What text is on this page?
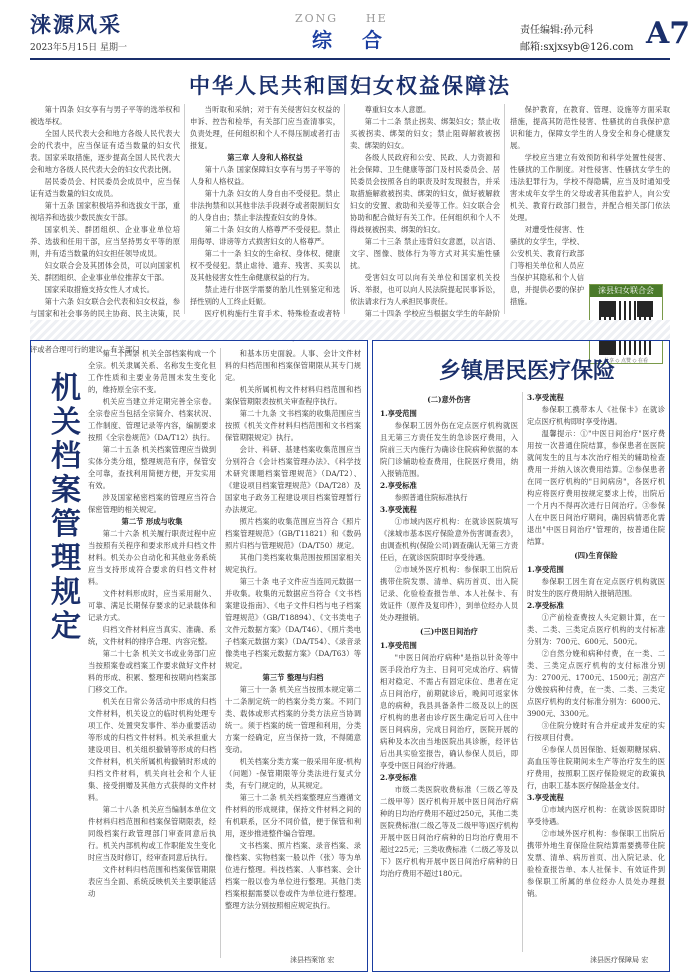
涞源风采
2023年5月15日 星期一
ZONG	HE
综合	责任编辑:孙元科
邮箱:sxjxsyb@126.com A7
中华人民共和国妇女权益保障法

第十四条 妇女享有与男子平等的选举权和被选举权。

全国人民代表大会和地方各级人民代表大会的代表中，应当保证有适当数量的妇女代表。国家采取措施，逐步提高全国人民代表大会和地方各级人民代表大会的妇女代表比例。

居民委员会、村民委员会成员中，应当保证有适当数量的妇女成员。

第十五条 国家积极培养和选拔女干部，重视培养和选拔少数民族女干部。

国家机关、群团组织、企业事业单位培养、选拔和任用干部，应当坚持男女平等的原则，并有适当数量的妇女担任领导成员。

妇女联合会及其团体会员，可以向国家机关、群团组织、企业事业单位推荐女干部。

国家采取措施支持女性人才成长。

第十六条 妇女联合会代表和妇女权益，参与国家和社会事务的民主协商、民主决策，民

评或者合理可行的建议，有关部门

当听取和采纳；对于有关侵害妇女权益的申诉、控告和检举，有关部门应当查清事实，负责处理，任何组织和个人不得压制或者打击报复。

第三章 人身和人格权益

第十八条 国家保障妇女享有与男子平等的人身和人格权益。

第十九条 妇女的人身自由不受侵犯。禁止非法拘禁和以其他非法手段剥夺或者限制妇女的人身自由；禁止非法搜查妇女的身体。

第二十条 妇女的人格尊严不受侵犯。禁止用侮辱、诽谤等方式损害妇女的人格尊严。

第二十一条 妇女的生命权、身体权、健康权不受侵犯。禁止虐待、遗弃、残害、买卖以及其他侵害女性生命健康权益的行为。

禁止进行非医学需要的胎儿性别鉴定和选择性别的人工终止妊娠。

医疗机构施行生育手术、特殊检查或者特

尊重妇女本人意愿。

第二十二条 禁止拐卖、绑架妇女；禁止收买被拐卖、绑架的妇女；禁止阻碍解救被拐卖、绑架的妇女。

各级人民政府和公安、民政、人力资源和社会保障、卫生健康等部门及村民委员会、居民委员会按照各自的职责及时发现报告，并采取措施解救被拐卖、绑架的妇女，做好被解救妇女的安置、救助和关爱等工作。妇女联合会协助和配合做好有关工作。任何组织和个人不得歧视被拐卖、绑架的妇女。

第二十三条 禁止违背妇女意愿，以言语、文字、图像、肢体行为等方式对其实施性骚扰。

受害妇女可以向有关单位和国家机关投诉、举报，也可以向人民法院提起民事诉讼，依法请求行为人承担民事责任。

第二十四条 学校应当根据女学生的年龄阶

保护教育，在教育、管理、设施等方面采取措施，提高其防范性侵害、性骚扰的自我保护意识和能力，保障女学生的人身安全和身心健康发展。

学校应当建立有效预防和科学处置性侵害、性骚扰的工作制度。对性侵害、性骚扰女学生的违法犯罪行为，学校不得隐瞒，应当及时通知受害未成年女学生的父母或者其他监护人，向公安机关、教育行政部门报告，并配合相关部门依法处理。

对遭受性侵害、性骚扰的女学生，学校、公安机关、教育行政部门等相关单位和人员应当保护其隐私和个人信息，并提供必要的保护措施。

涞县妇女联合会
分享 ◇ 点赞 ◇ 在看
机
关
档
案
管
理
规
定

第二十四条 机关全部档案构成一个全宗。机关隶属关系、名称发生变化但工作性质和主要业务范围未发生变化的，维持原全宗不变。

机关应当建立并定期完善全宗卷。全宗卷应当包括全宗简介、档案状况、工作制度、管理记录等内容，编制要求按照《全宗卷规范》（DA/T12）执行。

第二十五条 机关档案管理应当做到实体分类分组，整理规范有序，保管安全可靠，查找利用简便方便，开发实用有效。

涉及国家秘密档案的管理应当符合保密管理的相关规定。

第二节 形成与收集

第二十六条 机关履行职责过程中应当按照有关程序和要求形成并归档文件材料。机关办公自动化和其他业务系统应当支持形成符合要求的归档文件材料。

文件材料形成时，应当采用耐久、可靠、满足长期保存要求的记录载体和记录方式。

归档文件材料应当真实、准确、系统，文件材料的排序合理、内容完整。

第二十七条 机关文书或业务部门应当按照案卷或档案工作要求做好文件材料的形成、积累、整理和按期向档案部门移交工作。

机关在日常公务活动中形成的归档文件材料，机关设立的临时机构处理专项工作、处置突发事件、举办重要活动等形成的归档文件材料。机关承担重大建设项目、机关组织撤销等形成的归档文件材料，机关所属机构撤销时形成的归档文件材料，机关向社会和个人征集、接受捐赠及其他方式获得的文件材料。

第二十八条 机关应当编制本单位文件材料归档范围和档案保管期限表，经同级档案行政管理部门审查同意后执行。机关内部机构或工作职能发生变化时应当及时修订，经审查同意后执行。

文件材料归档范围和档案保管期限表应当全面、系统反映机关主要职能活动

和基本历史面貌。人事、会计文件材料的归档范围和档案保管期限从其专门规定。

机关所属机构文件材料归档范围和档案保管期限表按机关审查程序执行。

第二十九条 文书档案的收集范围应当按照《机关文件材料归档范围和文书档案保管期限规定》执行。

会计、科研、基建档案收集范围应当分别符合《会计档案管理办法》、《科学技术研究课题档案管理规范》（DA/T2）、《建设项目档案管理规范》（DA/T28）及国家电子政务工程建设项目档案管理暂行办法规定。

照片档案的收集范围应当符合《照片档案管理规范》（GB/T11821）和《数码照片归档与管理规范》（DA/T50）规定。

其他门类档案收集范围按照国家相关规定执行。

第三十条 电子文件应当连同元数据一并收集。收集的元数据应当符合《文书档案建设指南》、《电子文件归档与电子档案管理规范》（GB/T18894）、《文书类电子文件元数据方案》（DA/T46）、《照片类电子档案元数据方案》（DA/T54）、《录音录像类电子档案元数据方案》（DA/T63）等规定。

第三节 整理与归档

第三十一条 机关应当按照本规定第二十二条制定统一的档案分类方案。不同门类、载体或形式档案的分类方法应当协调统一。须于档案的统一管理和利用，分类方案一经确定，应当保持一致，不得随意变动。

机关档案分类方案一般采用年度-机构（问题）-保管期限等分类法进行复式分类，有专门规定的，从其规定。

第三十二条 机关档案整理应当遵循文件材料的形成规律，保持文件材料之间的有机联系，区分不同价值，便于保管和利用，逐步推进整件编合管理。

文书档案、照片档案、录音档案、录像档案、实物档案一般以件（张）等为单位进行整理。科技档案、人事档案、会计档案一般以卷为单位进行整理。其他门类档案根据需要以卷或件为单位进行整理。整理方法分别按照相应规定执行。

涞县档案馆 宏
乡镇居民医疗保险

(二)意外伤害

1.享受范围

参保职工因外伤在定点医疗机构就医且无第三方责任发生的急诊医疗费用，入院前三天内施行为确诊住院病种依据的本院门诊辅助检查费用，住院医疗费用，纳入报销范围。

2.享受标准

参照普通住院标准执行

3.享受流程

①市域内医疗机构：在就诊医院填写《涞城市基本医疗保险意外伤害调查表》，由调查机构(保险公司)调查确认无第三方责任后，在就诊医院即时享受待遇。

②市域外医疗机构：参保职工出院后携带住院发票、清单、病历首页、出入院记录、化验检查报告单、本人社保卡、有效证件（原件及复印件），到单位经办人员处办理报销。

(三)中医日间治疗

1.享受范围

"中医日间治疗病种"是指以针灸等中医手段治疗为主、日间可完成治疗、病情相对稳定、不需占有固定床位、患者在定点日间治疗，前期就诊后，晚间可返家休息的病种，我县具备条件二级及以上的医疗机构的患者由诊疗医生确定后可入住中医日间病房，完成日间治疗，医院开展的病种及本次由当地医院出具诊断，经评估后出具实验室报告，确认参保人员后，即享受中医日间治疗待遇。

2.享受标准

市级二类医院收费标准（三级乙等及二级甲等）医疗机构开展中医日间治疗病种的日均治疗费用不超过250元，其他二类医院费标准(二级乙等及二级甲等)医疗机构开展中医日间治疗病种的日均治疗费用不超过225元；三类收费标准（二级乙等及以下）医疗机构开展中医日间治疗病种的日均治疗费用不超过180元。

3.享受流程

参保职工携带本人《社保卡》在就诊定点医疗机构即时享受待遇。

温馨提示：①"中医日间治疗"医疗费用按一次普通住院结算，参保患者在医院就间发生的且与本次治疗相关的辅助检查费用一并纳入该次费用结算。②参保患者在同一医疗机构的"日间病房"，各医疗机构应将医疗费用按规定要求上传，出院后一个月内不得再次进行日间治疗。③参保人在中医日间治疗期间，确因病情恶化需退出"中医日间治疗"管理的，按普通住院结算。

(四)生育保险

1.享受范围

参保职工因生育在定点医疗机构就医时发生的医疗费用纳入报销范围。

2.享受标准

①产前检查费按人头定额计算，在一类、二类、三类定点医疗机构的支付标准分别为：700元、600元、500元。

②自然分娩和病种付费，在一类、二类、三类定点医疗机构的支付标准分别为：2700元、1700元、1500元；剖宫产分娩按病种付费，在一类、二类、三类定点医疗机构的支付标准分别为：6000元、3900元、3300元。

③住院分娩时有合并症或并发症的实行按项目付费。

④参保人员因保胎、妊娠期糖尿病、高血压等住院期间未生产等治疗发生的医疗费用，按照职工医疗保险规定的政策执行，由职工基本医疗保险基金支付。

3.享受流程

①市域内医疗机构：在就诊医院即时享受待遇。

②市域外医疗机构：参保职工出院后携带外地生育保险住院结算需要携带住院发票、清单、病历首页、出入院记录、化验检查报告单、本人社保卡、有效证件到参保职工所属的单位经办人员处办理报销。

涞县医疗保障局 宏
